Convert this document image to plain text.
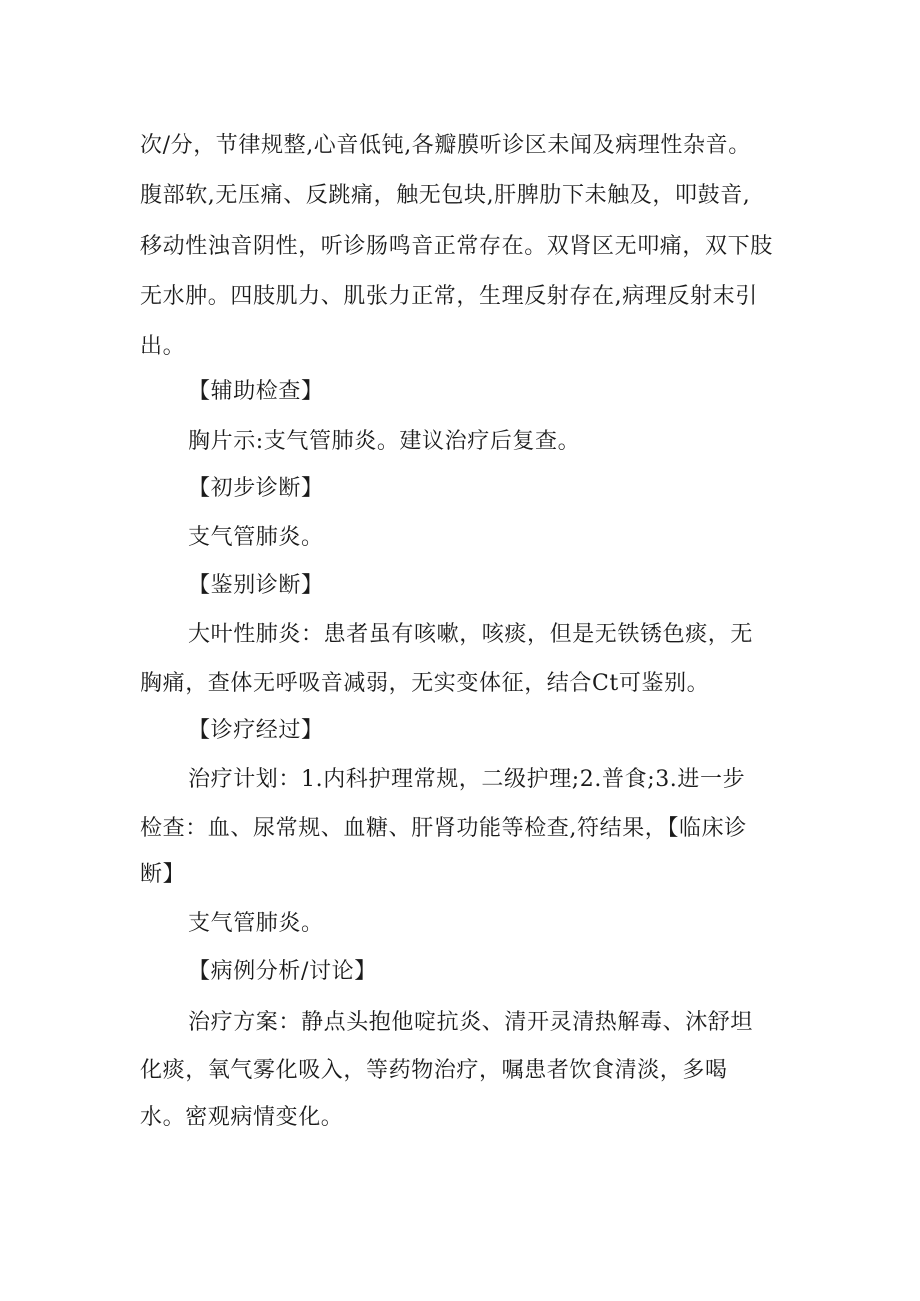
次/分，节律规整,心音低钝,各瓣膜听诊区未闻及病理性杂音。
腹部软,无压痛、反跳痛，触无包块,肝脾肋下未触及，叩鼓音,
移动性浊音阴性，听诊肠鸣音正常存在。双肾区无叩痛，双下肢
无水肿。四肢肌力、肌张力正常，生理反射存在,病理反射末引
出。
【辅助检查】
胸片示:支气管肺炎。建议治疗后复查。
【初步诊断】
支气管肺炎。
【鉴别诊断】
大叶性肺炎：患者虽有咳嗽，咳痰，但是无铁锈色痰，无
胸痛，查体无呼吸音减弱，无实变体征，结合Ct可鉴别。
【诊疗经过】
治疗计划：1.内科护理常规，二级护理;2.普食;3.进一步
检查：血、尿常规、血糖、肝肾功能等检查,符结果，【临床诊
断】
支气管肺炎。
【病例分析/讨论】
治疗方案：静点头抱他啶抗炎、清开灵清热解毒、沐舒坦
化痰，氧气雾化吸入，等药物治疗，嘱患者饮食清淡，多喝
水。密观病情变化。
